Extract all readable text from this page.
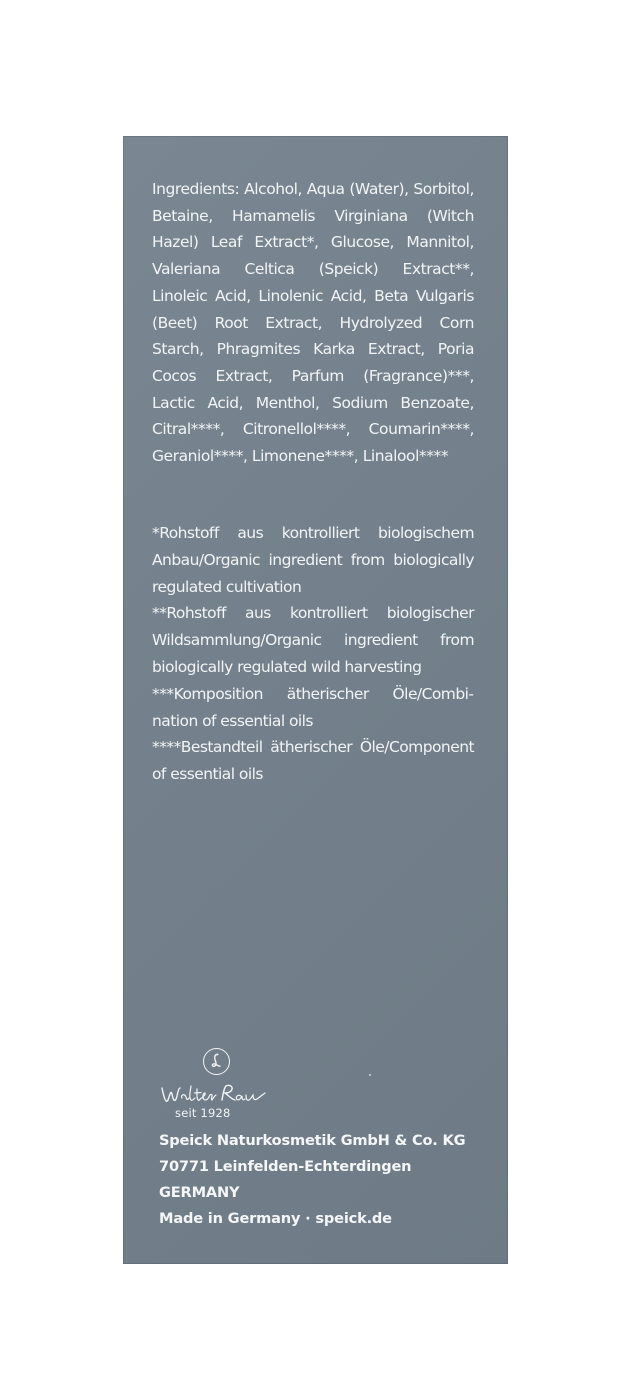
Ingredients: Alcohol, Aqua (Water), Sorbitol, Betaine, Hamamelis Virginiana (Witch Hazel) Leaf Extract*, Glucose, Mannitol, Valeriana Celtica (Speick) Extract**, Linoleic Acid, Linolenic Acid, Beta Vulgaris (Beet) Root Extract, Hydrolyzed Corn Starch, Phragmites Karka Extract, Poria Cocos Extract, Parfum (Fragrance)***, Lactic Acid, Menthol, Sodium Benzoate, Citral****, Citronellol****, Coumarin****, Geraniol****, Limonene****, Linalool****

*Rohstoff aus kontrolliert biologischem Anbau/Organic ingredient from biologically regulated cultivation

**Rohstoff aus kontrolliert biologischer Wildsammlung/Organic ingredient from biologically regulated wild harvesting

***Komposition ätherischer Öle/Combination of essential oils

****Bestandteil ätherischer Öle/Component of essential oils

seit 1928
Speick Naturkosmetik GmbH & Co. KG
70771 Leinfelden-Echterdingen
GERMANY
Made in Germany · speick.de
